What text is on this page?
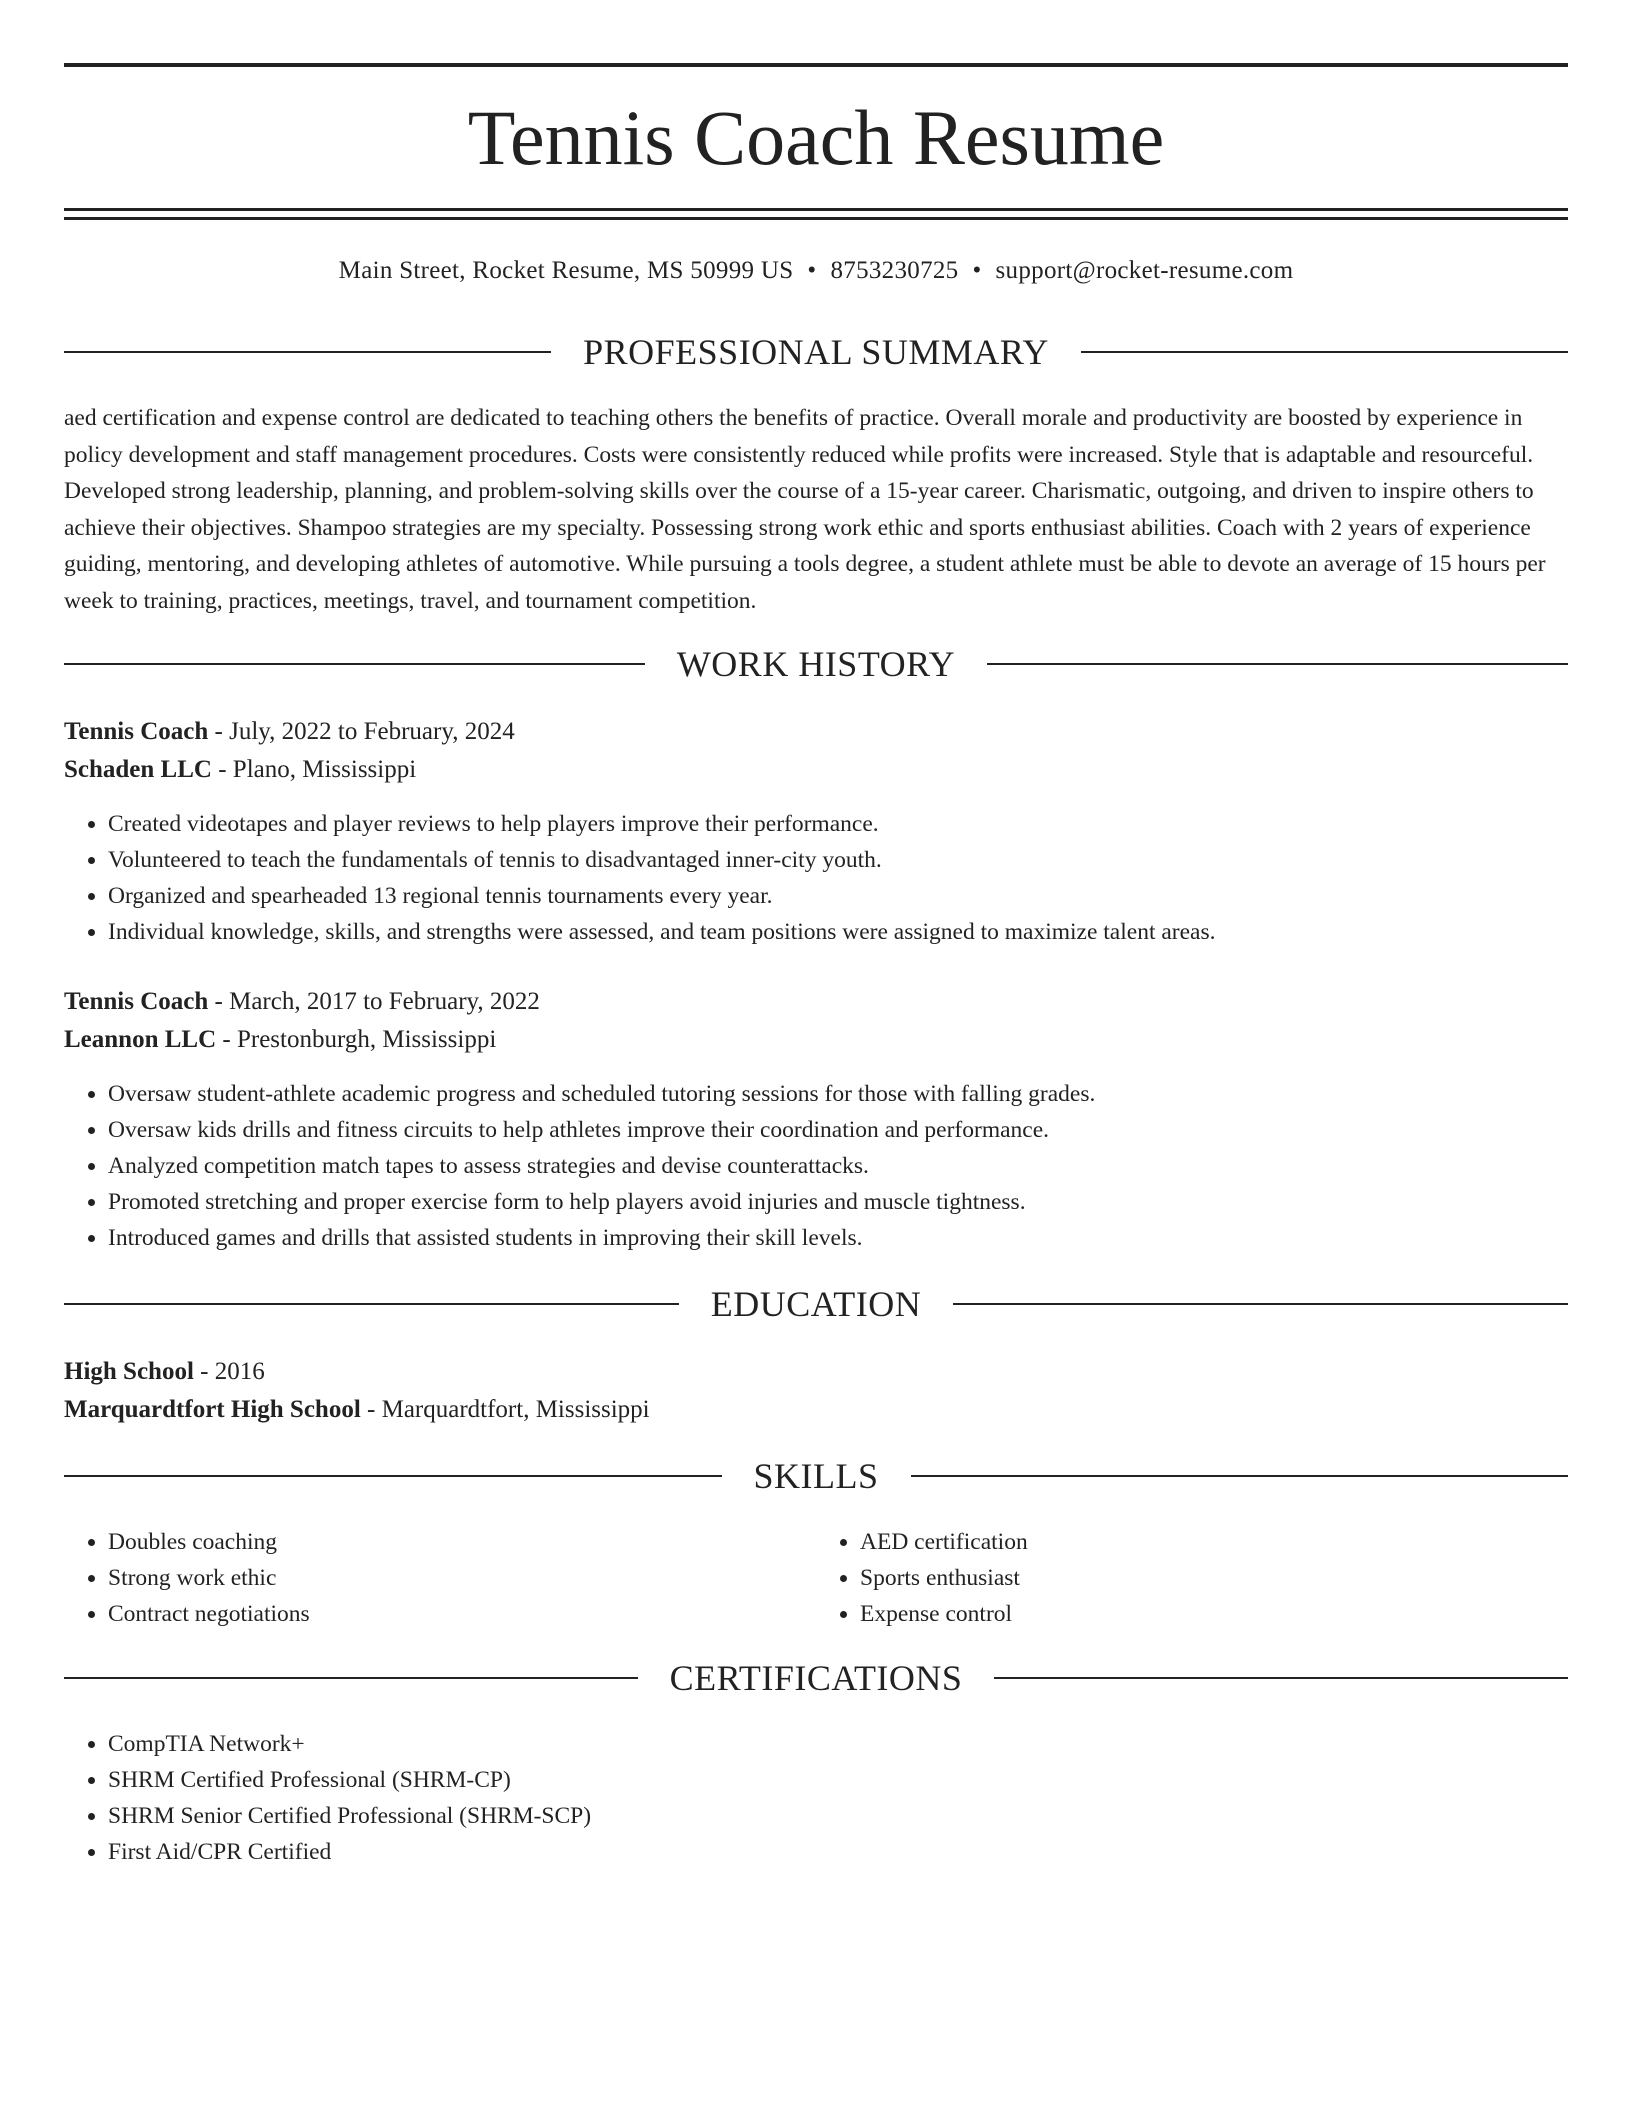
Tennis Coach Resume
Main Street, Rocket Resume, MS 50999 US • 8753230725 • support@rocket-resume.com
PROFESSIONAL SUMMARY

aed certification and expense control are dedicated to teaching others the benefits of practice. Overall morale and productivity are boosted by experience in policy development and staff management procedures. Costs were consistently reduced while profits were increased. Style that is adaptable and resourceful. Developed strong leadership, planning, and problem-solving skills over the course of a 15-year career. Charismatic, outgoing, and driven to inspire others to achieve their objectives. Shampoo strategies are my specialty. Possessing strong work ethic and sports enthusiast abilities. Coach with 2 years of experience guiding, mentoring, and developing athletes of automotive. While pursuing a tools degree, a student athlete must be able to devote an average of 15 hours per week to training, practices, meetings, travel, and tournament competition.

WORK HISTORY
Tennis Coach - July, 2022 to February, 2024
Schaden LLC - Plano, Mississippi
• Created videotapes and player reviews to help players improve their performance.
• Volunteered to teach the fundamentals of tennis to disadvantaged inner-city youth.
• Organized and spearheaded 13 regional tennis tournaments every year.
• Individual knowledge, skills, and strengths were assessed, and team positions were assigned to maximize talent areas.
Tennis Coach - March, 2017 to February, 2022
Leannon LLC - Prestonburgh, Mississippi
• Oversaw student-athlete academic progress and scheduled tutoring sessions for those with falling grades.
• Oversaw kids drills and fitness circuits to help athletes improve their coordination and performance.
• Analyzed competition match tapes to assess strategies and devise counterattacks.
• Promoted stretching and proper exercise form to help players avoid injuries and muscle tightness.
• Introduced games and drills that assisted students in improving their skill levels.
EDUCATION
High School - 2016
Marquardtfort High School - Marquardtfort, Mississippi
SKILLS
• Doubles coaching
• Strong work ethic
• Contract negotiations
• AED certification
• Sports enthusiast
• Expense control
CERTIFICATIONS
• CompTIA Network+
• SHRM Certified Professional (SHRM-CP)
• SHRM Senior Certified Professional (SHRM-SCP)
• First Aid/CPR Certified
